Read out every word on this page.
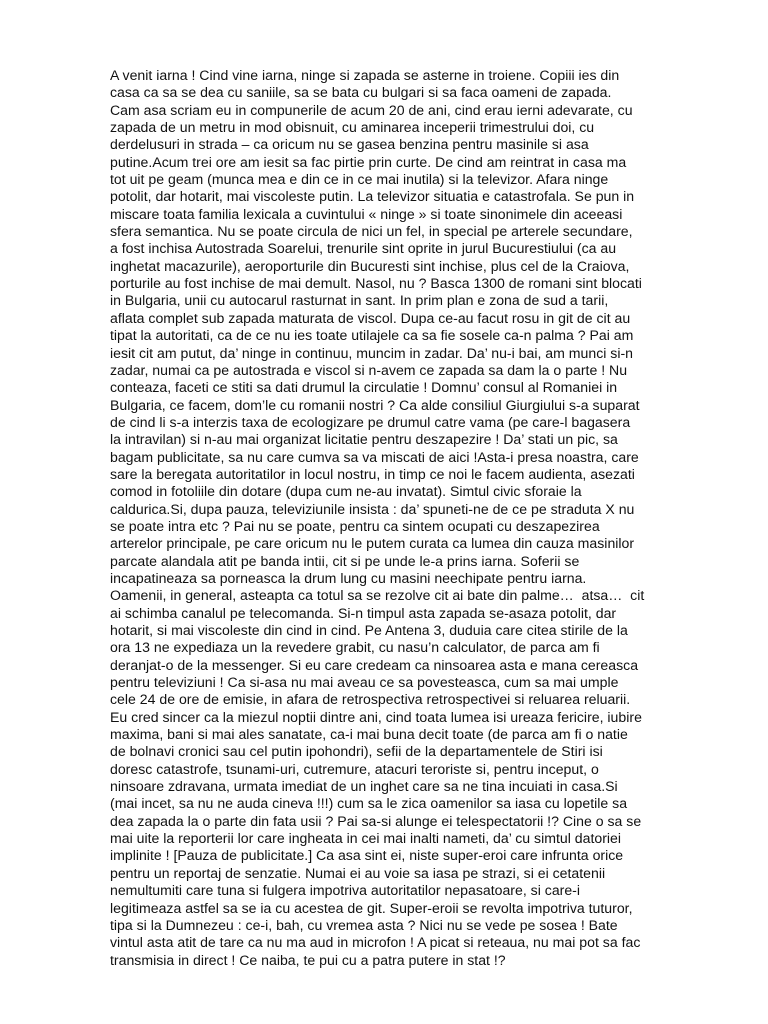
A venit iarna ! Cind vine iarna, ninge si zapada se asterne in troiene. Copiii ies din
casa ca sa se dea cu saniile, sa se bata cu bulgari si sa faca oameni de zapada.
Cam asa scriam eu in compunerile de acum 20 de ani, cind erau ierni adevarate, cu
zapada de un metru in mod obisnuit, cu aminarea inceperii trimestrului doi, cu
derdelusuri in strada – ca oricum nu se gasea benzina pentru masinile si asa
putine.Acum trei ore am iesit sa fac pirtie prin curte. De cind am reintrat in casa ma
tot uit pe geam (munca mea e din ce in ce mai inutila) si la televizor. Afara ninge
potolit, dar hotarit, mai viscoleste putin. La televizor situatia e catastrofala. Se pun in
miscare toata familia lexicala a cuvintului « ninge » si toate sinonimele din aceeasi
sfera semantica. Nu se poate circula de nici un fel, in special pe arterele secundare,
a fost inchisa Autostrada Soarelui, trenurile sint oprite in jurul Bucurestiului (ca au
inghetat macazurile), aeroporturile din Bucuresti sint inchise, plus cel de la Craiova,
porturile au fost inchise de mai demult. Nasol, nu ? Basca 1300 de romani sint blocati
in Bulgaria, unii cu autocarul rasturnat in sant. In prim plan e zona de sud a tarii,
aflata complet sub zapada maturata de viscol. Dupa ce-au facut rosu in git de cit au
tipat la autoritati, ca de ce nu ies toate utilajele ca sa fie sosele ca-n palma ? Pai am
iesit cit am putut, da’ ninge in continuu, muncim in zadar. Da’ nu-i bai, am munci si-n
zadar, numai ca pe autostrada e viscol si n-avem ce zapada sa dam la o parte ! Nu
conteaza, faceti ce stiti sa dati drumul la circulatie ! Domnu’ consul al Romaniei in
Bulgaria, ce facem, dom’le cu romanii nostri ? Ca alde consiliul Giurgiului s-a suparat
de cind li s-a interzis taxa de ecologizare pe drumul catre vama (pe care-l bagasera
la intravilan) si n-au mai organizat licitatie pentru deszapezire ! Da’ stati un pic, sa
bagam publicitate, sa nu care cumva sa va miscati de aici !Asta-i presa noastra, care
sare la beregata autoritatilor in locul nostru, in timp ce noi le facem audienta, asezati
comod in fotoliile din dotare (dupa cum ne-au invatat). Simtul civic sforaie la
caldurica.Si, dupa pauza, televiziunile insista : da’ spuneti-ne de ce pe straduta X nu
se poate intra etc ? Pai nu se poate, pentru ca sintem ocupati cu deszapezirea
arterelor principale, pe care oricum nu le putem curata ca lumea din cauza masinilor
parcate alandala atit pe banda intii, cit si pe unde le-a prins iarna. Soferii se
incapatineaza sa porneasca la drum lung cu masini neechipate pentru iarna.
Oamenii, in general, asteapta ca totul sa se rezolve cit ai bate din palme…  atsa…  cit
ai schimba canalul pe telecomanda. Si-n timpul asta zapada se-asaza potolit, dar
hotarit, si mai viscoleste din cind in cind. Pe Antena 3, duduia care citea stirile de la
ora 13 ne expediaza un la revedere grabit, cu nasu’n calculator, de parca am fi
deranjat-o de la messenger. Si eu care credeam ca ninsoarea asta e mana cereasca
pentru televiziuni ! Ca si-asa nu mai aveau ce sa povesteasca, cum sa mai umple
cele 24 de ore de emisie, in afara de retrospectiva retrospectivei si reluarea reluarii.
Eu cred sincer ca la miezul noptii dintre ani, cind toata lumea isi ureaza fericire, iubire
maxima, bani si mai ales sanatate, ca-i mai buna decit toate (de parca am fi o natie
de bolnavi cronici sau cel putin ipohondri), sefii de la departamentele de Stiri isi
doresc catastrofe, tsunami-uri, cutremure, atacuri teroriste si, pentru inceput, o
ninsoare zdravana, urmata imediat de un inghet care sa ne tina incuiati in casa.Si
(mai incet, sa nu ne auda cineva !!!) cum sa le zica oamenilor sa iasa cu lopetile sa
dea zapada la o parte din fata usii ? Pai sa-si alunge ei telespectatorii !? Cine o sa se
mai uite la reporterii lor care ingheata in cei mai inalti nameti, da’ cu simtul datoriei
implinite ! [Pauza de publicitate.] Ca asa sint ei, niste super-eroi care infrunta orice
pentru un reportaj de senzatie. Numai ei au voie sa iasa pe strazi, si ei cetatenii
nemultumiti care tuna si fulgera impotriva autoritatilor nepasatoare, si care-i
legitimeaza astfel sa se ia cu acestea de git. Super-eroii se revolta impotriva tuturor,
tipa si la Dumnezeu : ce-i, bah, cu vremea asta ? Nici nu se vede pe sosea ! Bate
vintul asta atit de tare ca nu ma aud in microfon ! A picat si reteaua, nu mai pot sa fac
transmisia in direct ! Ce naiba, te pui cu a patra putere in stat !?
